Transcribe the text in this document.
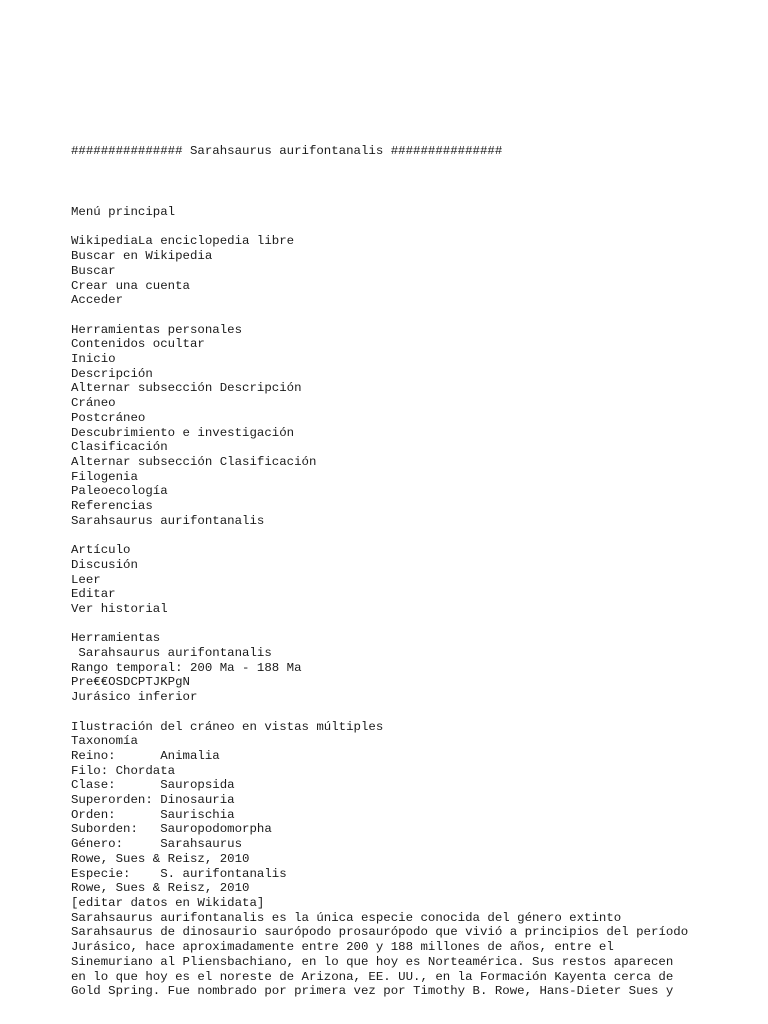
############### Sarahsaurus aurifontanalis ###############

Menú principal
WikipediaLa enciclopedia libre
Buscar en Wikipedia
Buscar
Crear una cuenta
Acceder
Herramientas personales
Contenidos ocultar
Inicio
Descripción
Alternar subsección Descripción
Cráneo
Postcráneo
Descubrimiento e investigación
Clasificación
Alternar subsección Clasificación
Filogenia
Paleoecología
Referencias
Sarahsaurus aurifontanalis
Artículo
Discusión
Leer
Editar
Ver historial
Herramientas
Sarahsaurus aurifontanalis
Rango temporal: 200 Ma - 188 Ma
Pre€€OSDCPTJKPgN
Jurásico inferior
Ilustración del cráneo en vistas múltiples
Taxonomía
Reino:      Animalia
Filo: Chordata
Clase:      Sauropsida
Superorden: Dinosauria
Orden:      Saurischia
Suborden:   Sauropodomorpha
Género:     Sarahsaurus
Rowe, Sues & Reisz, 2010
Especie:    S. aurifontanalis
Rowe, Sues & Reisz, 2010
[editar datos en Wikidata]
Sarahsaurus aurifontanalis es la única especie conocida del género extinto
Sarahsaurus de dinosaurio saurópodo prosaurópodo que vivió a principios del período
Jurásico, hace aproximadamente entre 200 y 188 millones de años, entre el
Sinemuriano al Pliensbachiano, en lo que hoy es Norteamérica. Sus restos aparecen
en lo que hoy es el noreste de Arizona, EE. UU., en la Formación Kayenta cerca de
Gold Spring. Fue nombrado por primera vez por Timothy B. Rowe, Hans-Dieter Sues y
